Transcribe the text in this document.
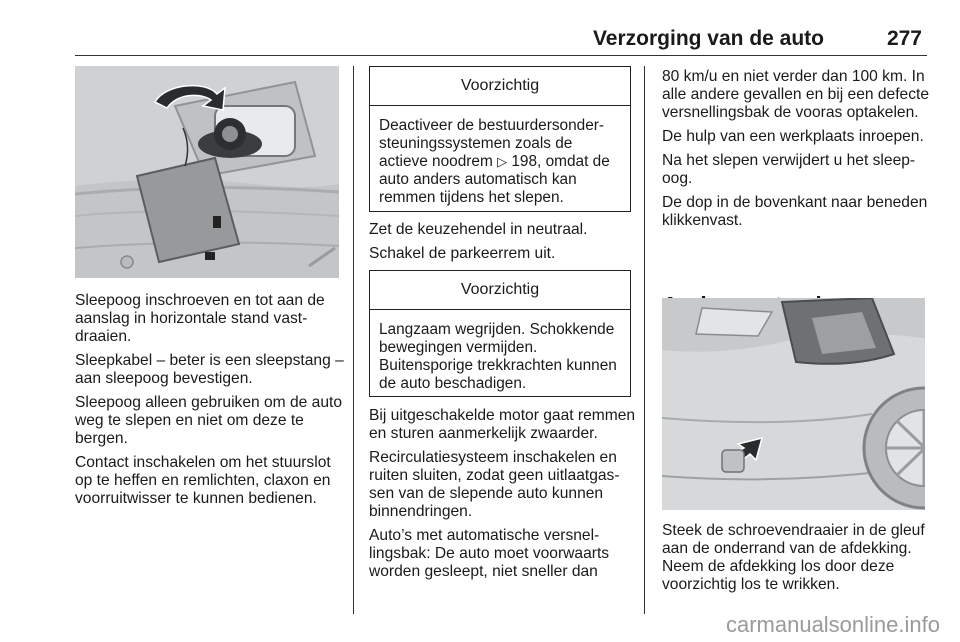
Verzorging van de auto	277

Sleepoog inschroeven en tot aan de aanslag in horizontale stand vastdraaien.

Sleepkabel – beter is een sleepstang – aan sleepoog bevestigen.

Sleepoog alleen gebruiken om de auto weg te slepen en niet om deze te bergen.

Contact inschakelen om het stuurslot op te heffen en remlichten, claxon en voorruitwisser te kunnen bedienen.

Voorzichtig
Deactiveer de bestuurdersondersteuningssystemen zoals de actieve noodrem ▷ 198, omdat de auto anders automatisch kan remmen tijdens het slepen.

Zet de keuzehendel in neutraal.

Schakel de parkeerrem uit.

Voorzichtig
Langzaam wegrijden. Schokkende bewegingen vermijden. Buitensporige trekkrachten kunnen de auto beschadigen.

Bij uitgeschakelde motor gaat remmen en sturen aanmerkelijk zwaarder.

Recirculatiesysteem inschakelen en ruiten sluiten, zodat geen uitlaatgassen van de slepende auto kunnen binnendringen.

Auto’s met automatische versnellingsbak: De auto moet voorwaarts worden gesleept, niet sneller dan

80 km/u en niet verder dan 100 km. In alle andere gevallen en bij een defecte versnellingsbak de vooras optakelen.

De hulp van een werkplaats inroepen.

Na het slepen verwijdert u het sleepoog.

De dop in de bovenkant naar beneden klikkenvast.

Steek de schroevendraaier in de gleuf aan de onderrand van de afdekking. Neem de afdekking los door deze voorzichtig los te wrikken.

carmanualsonline.info
